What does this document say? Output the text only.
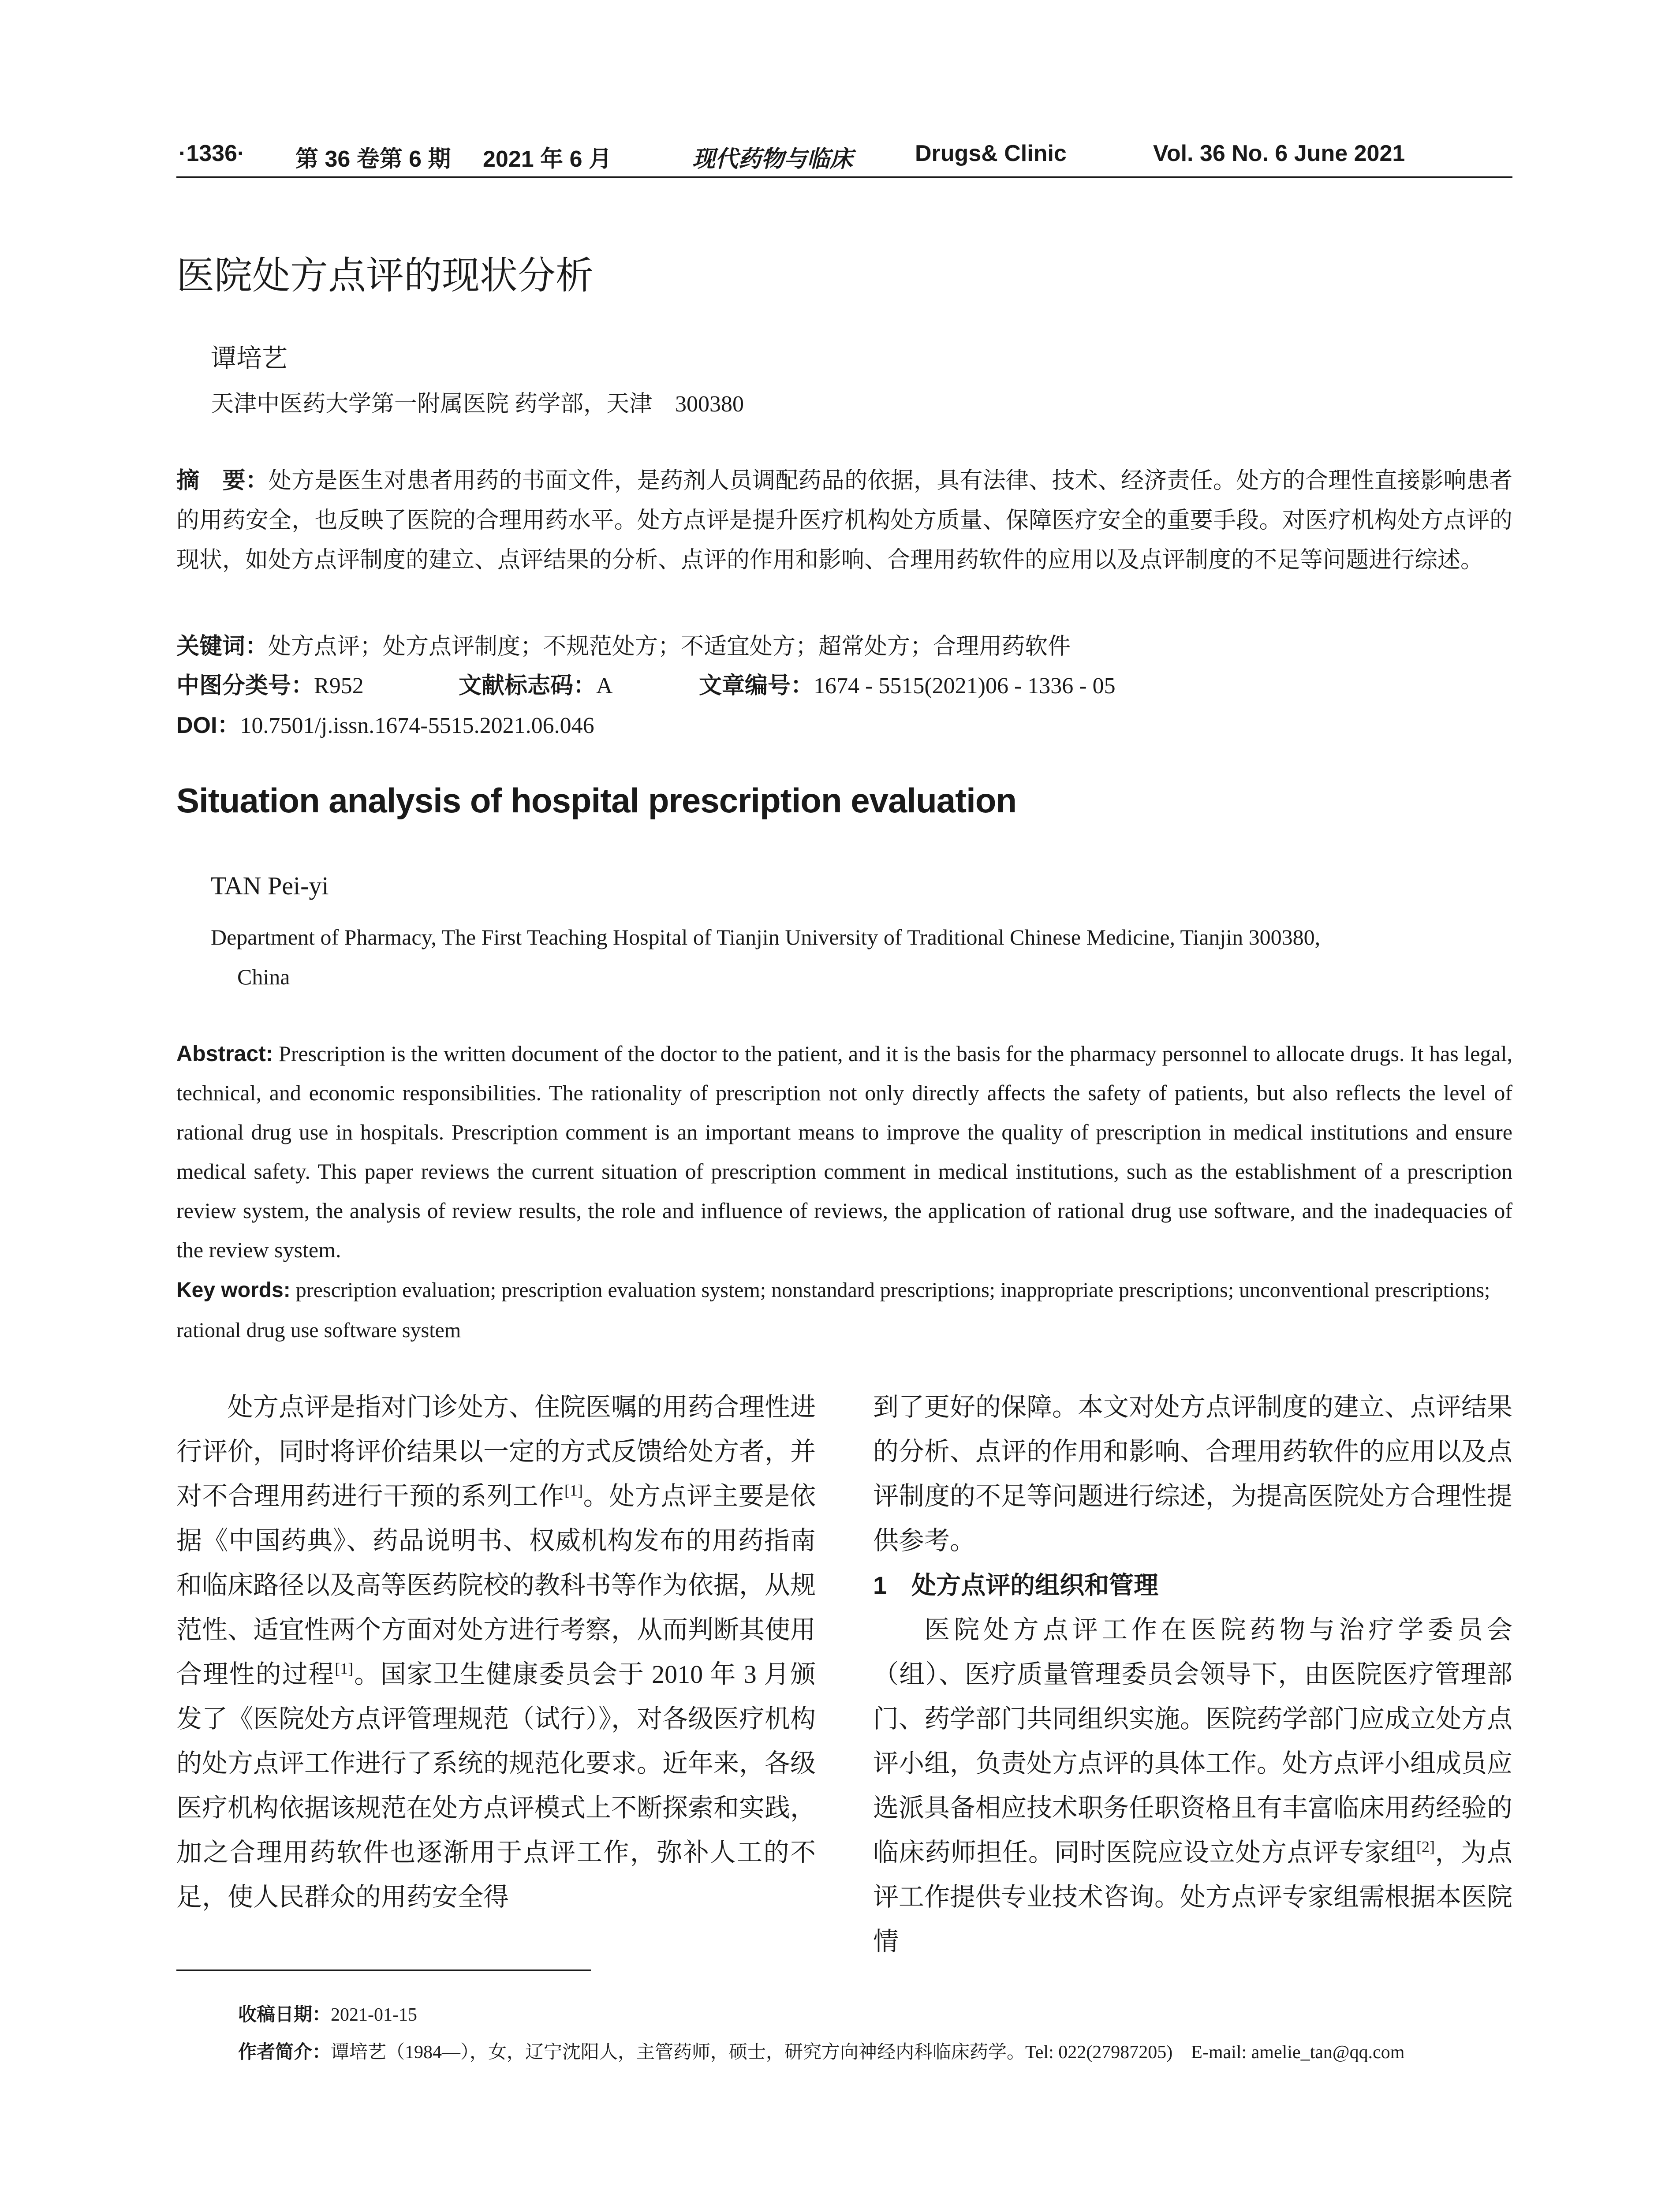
·1336· 第 36 卷第 6 期 2021 年 6 月	现代药物与临床	Drugs& Clinic	Vol. 36 No. 6 June 2021
医院处方点评的现状分析
谭培艺
天津中医药大学第一附属医院 药学部，天津　300380
摘　要：处方是医生对患者用药的书面文件，是药剂人员调配药品的依据，具有法律、技术、经济责任。处方的合理性直接影响患者的用药安全，也反映了医院的合理用药水平。处方点评是提升医疗机构处方质量、保障医疗安全的重要手段。对医疗机构处方点评的现状，如处方点评制度的建立、点评结果的分析、点评的作用和影响、合理用药软件的应用以及点评制度的不足等问题进行综述。
关键词：处方点评；处方点评制度；不规范处方；不适宜处方；超常处方；合理用药软件
中图分类号：R952	文献标志码：A	文章编号：1674 - 5515(2021)06 - 1336 - 05
DOI：10.7501/j.issn.1674-5515.2021.06.046
Situation analysis of hospital prescription evaluation
TAN Pei-yi
Department of Pharmacy, The First Teaching Hospital of Tianjin University of Traditional Chinese Medicine, Tianjin 300380,
China
Abstract: Prescription is the written document of the doctor to the patient, and it is the basis for the pharmacy personnel to allocate drugs. It has legal, technical, and economic responsibilities. The rationality of prescription not only directly affects the safety of patients, but also reflects the level of rational drug use in hospitals. Prescription comment is an important means to improve the quality of prescription in medical institutions and ensure medical safety. This paper reviews the current situation of prescription comment in medical institutions, such as the establishment of a prescription review system, the analysis of review results, the role and influence of reviews, the application of rational drug use software, and the inadequacies of the review system.
Key words: prescription evaluation; prescription evaluation system; nonstandard prescriptions; inappropriate prescriptions; unconventional prescriptions; rational drug use software system
处方点评是指对门诊处方、住院医嘱的用药合理性进行评价，同时将评价结果以一定的方式反馈给处方者，并对不合理用药进行干预的系列工作[1]。处方点评主要是依据《中国药典》、药品说明书、权威机构发布的用药指南和临床路径以及高等医药院校的教科书等作为依据，从规范性、适宜性两个方面对处方进行考察，从而判断其使用合理性的过程[1]。国家卫生健康委员会于 2010 年 3 月颁发了《医院处方点评管理规范（试行）》，对各级医疗机构的处方点评工作进行了系统的规范化要求。近年来，各级医疗机构依据该规范在处方点评模式上不断探索和实践，加之合理用药软件也逐渐用于点评工作，弥补人工的不足，使人民群众的用药安全得
到了更好的保障。本文对处方点评制度的建立、点评结果的分析、点评的作用和影响、合理用药软件的应用以及点评制度的不足等问题进行综述，为提高医院处方合理性提供参考。
1　处方点评的组织和管理
医院处方点评工作在医院药物与治疗学委员会（组）、医疗质量管理委员会领导下，由医院医疗管理部门、药学部门共同组织实施。医院药学部门应成立处方点评小组，负责处方点评的具体工作。处方点评小组成员应选派具备相应技术职务任职资格且有丰富临床用药经验的临床药师担任。同时医院应设立处方点评专家组[2]，为点评工作提供专业技术咨询。处方点评专家组需根据本医院情
收稿日期：2021-01-15
作者简介：谭培艺（1984—），女，辽宁沈阳人，主管药师，硕士，研究方向神经内科临床药学。Tel: 022(27987205)　E-mail: amelie_tan@qq.com
